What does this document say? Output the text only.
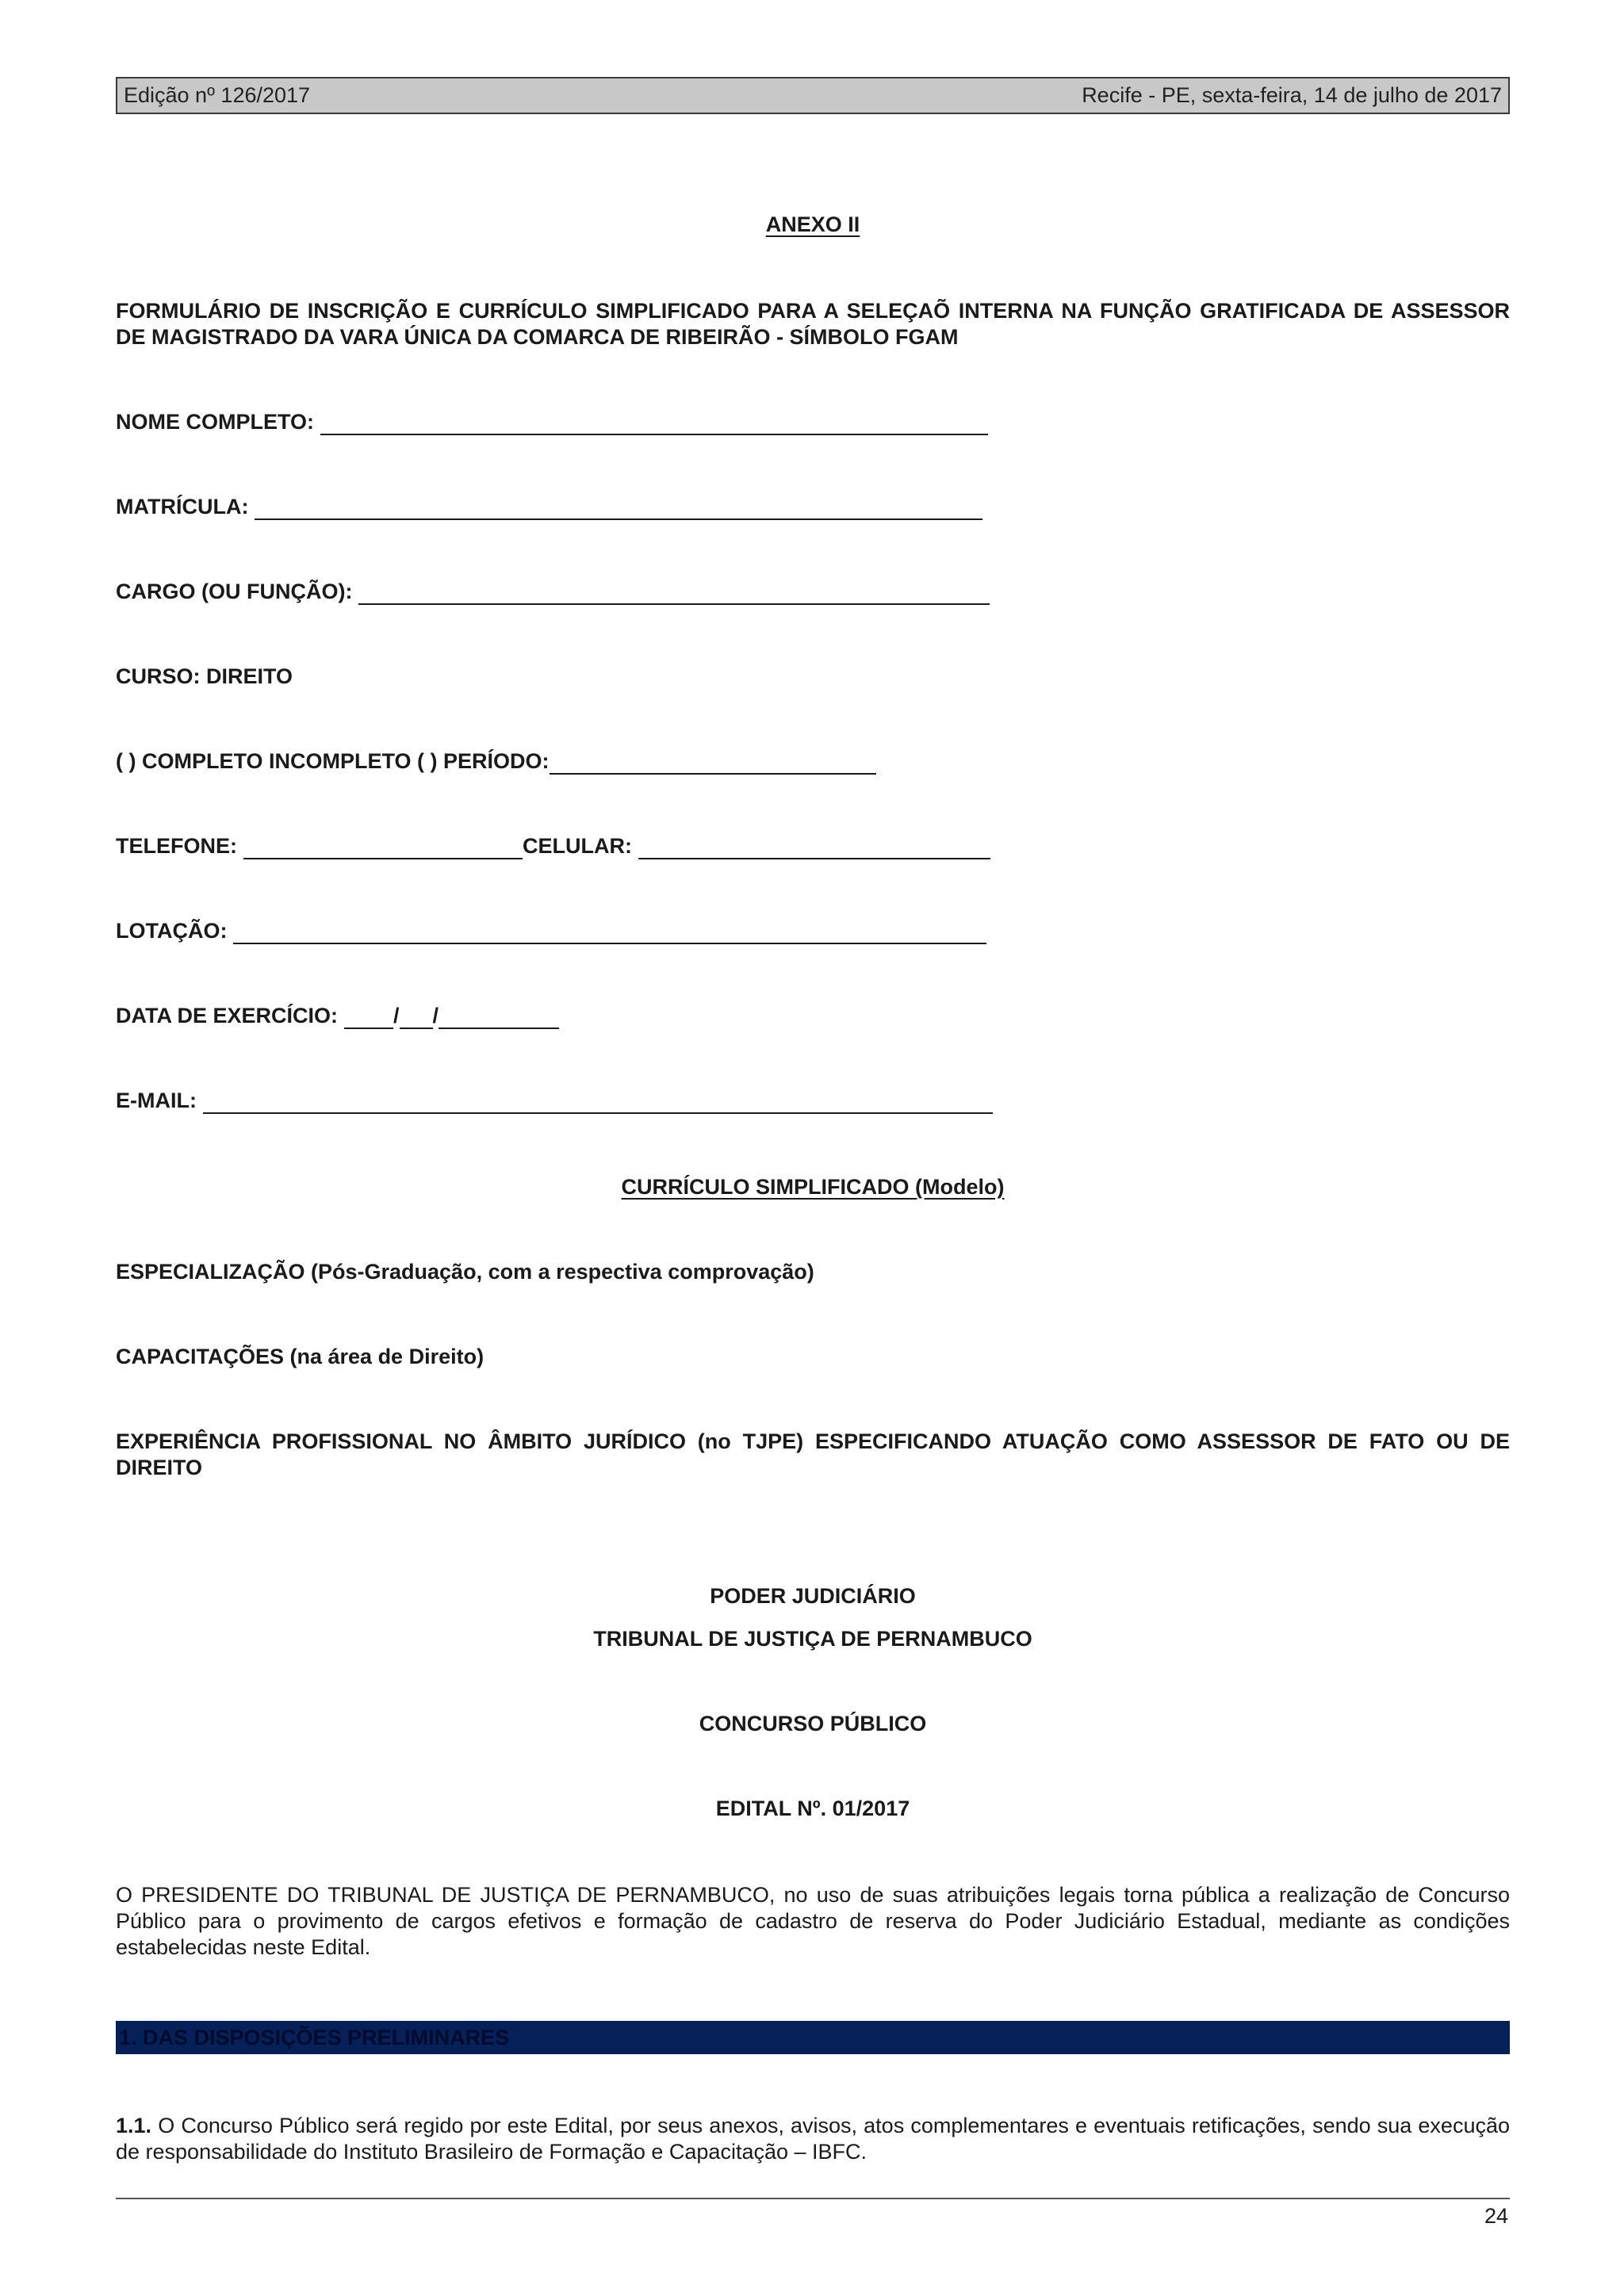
Edição nº 126/2017	Recife - PE, sexta-feira, 14 de julho de 2017
ANEXO II
FORMULÁRIO DE INSCRIÇÃO E CURRÍCULO SIMPLIFICADO PARA A SELEÇAÕ INTERNA NA FUNÇÃO GRATIFICADA DE ASSESSOR
DE MAGISTRADO DA VARA ÚNICA DA COMARCA DE RIBEIRÃO - SÍMBOLO FGAM
NOME COMPLETO:
MATRÍCULA:
CARGO (OU FUNÇÃO):
CURSO: DIREITO
( ) COMPLETO INCOMPLETO ( ) PERÍODO:
TELEFONE:	CELULAR:
LOTAÇÃO:
DATA DE EXERCÍCIO:	/ /
E-MAIL:
CURRÍCULO SIMPLIFICADO (Modelo)
ESPECIALIZAÇÃO (Pós-Graduação, com a respectiva comprovação)
CAPACITAÇÕES (na área de Direito)
EXPERIÊNCIA PROFISSIONAL NO ÂMBITO JURÍDICO (no TJPE) ESPECIFICANDO ATUAÇÃO COMO ASSESSOR DE FATO OU DE
DIREITO
PODER JUDICIÁRIO
TRIBUNAL DE JUSTIÇA DE PERNAMBUCO
CONCURSO PÚBLICO
EDITAL Nº. 01/2017
O PRESIDENTE DO TRIBUNAL DE JUSTIÇA DE PERNAMBUCO, no uso de suas atribuições legais torna pública a realização de Concurso
Público para o provimento de cargos efetivos e formação de cadastro de reserva do Poder Judiciário Estadual, mediante as condições
estabelecidas neste Edital.
1. DAS DISPOSIÇÕES PRELIMINARES
1.1. O Concurso Público será regido por este Edital, por seus anexos, avisos, atos complementares e eventuais retificações, sendo sua execução
de responsabilidade do Instituto Brasileiro de Formação e Capacitação – IBFC.
24
